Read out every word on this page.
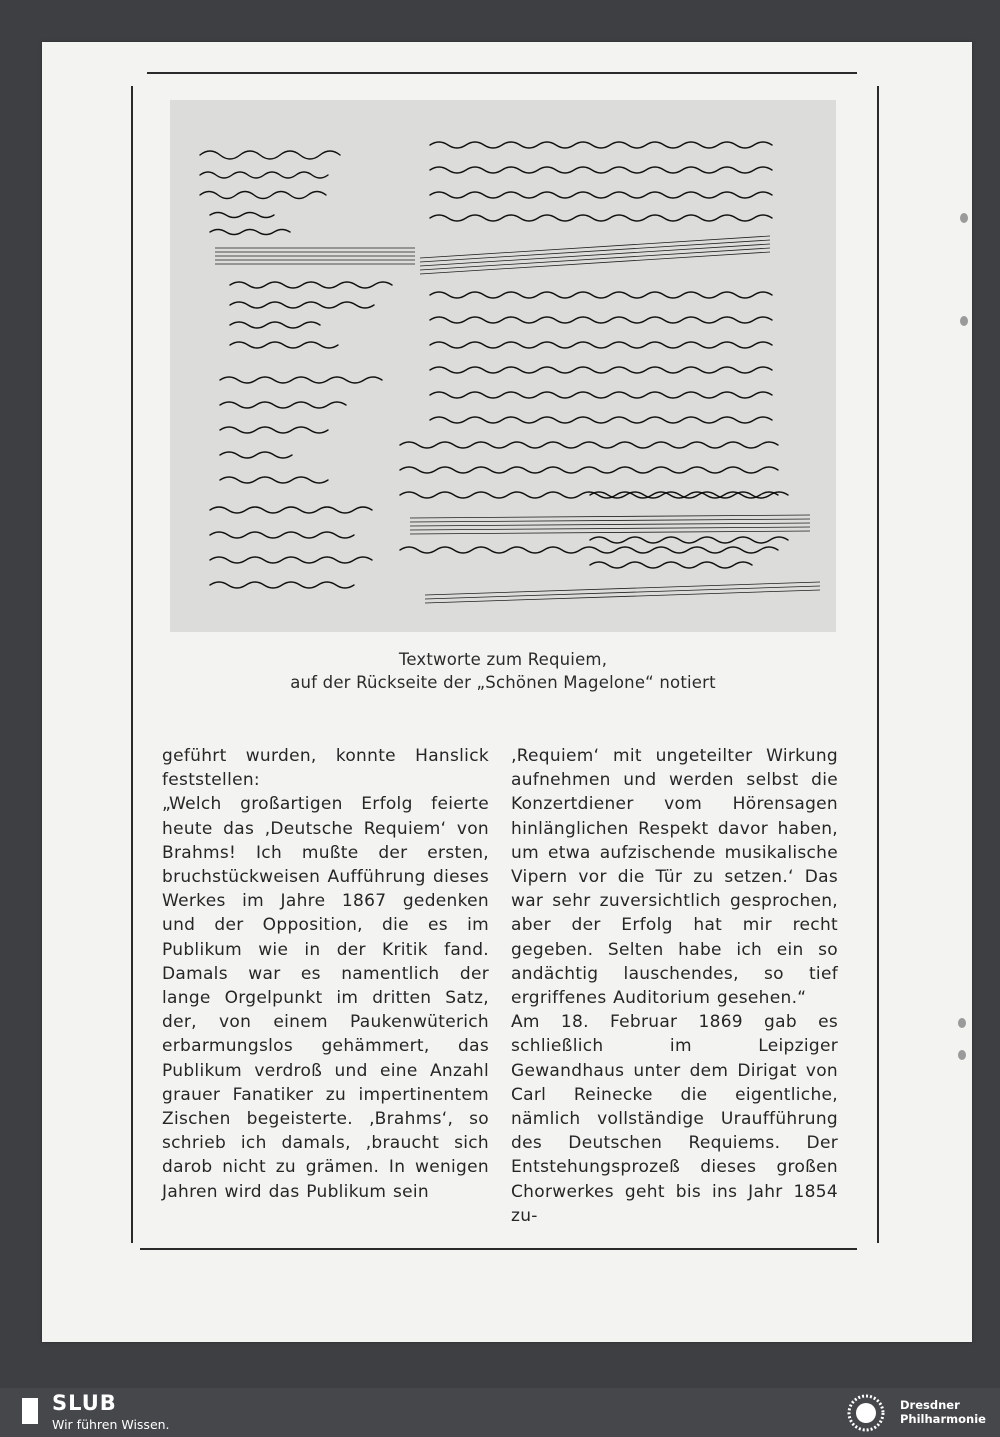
Textworte zum Requiem,
auf der Rückseite der „Schönen Magelone“ notiert

geführt wurden, konnte Hanslick feststellen:

„Welch großartigen Erfolg feierte heute das ‚Deutsche Requiem‘ von Brahms! Ich mußte der ersten, bruchstückweisen Aufführung dieses Werkes im Jahre 1867 gedenken und der Opposition, die es im Publikum wie in der Kritik fand. Damals war es namentlich der lange Orgelpunkt im dritten Satz, der, von einem Paukenwüterich erbarmungslos gehämmert, das Publikum verdroß und eine Anzahl grauer Fanatiker zu impertinentem Zischen begeisterte. ‚Brahms‘, so schrieb ich damals, ‚braucht sich darob nicht zu grämen. In wenigen Jahren wird das Publikum sein

‚Requiem‘ mit ungeteilter Wirkung aufnehmen und werden selbst die Konzertdiener vom Hörensagen hinlänglichen Respekt davor haben, um etwa aufzischende musikalische Vipern vor die Tür zu setzen.‘ Das war sehr zuversichtlich gesprochen, aber der Erfolg hat mir recht gegeben. Selten habe ich ein so andächtig lauschendes, so tief ergriffenes Auditorium gesehen.“

Am 18. Februar 1869 gab es schließlich im Leipziger Gewandhaus unter dem Dirigat von Carl Reinecke die eigentliche, nämlich vollständige Uraufführung des Deutschen Requiems. Der Entstehungsprozeß dieses großen Chorwerkes geht bis ins Jahr 1854 zu-

SLUB
Wir führen Wissen.
Dresdner
Philharmonie
